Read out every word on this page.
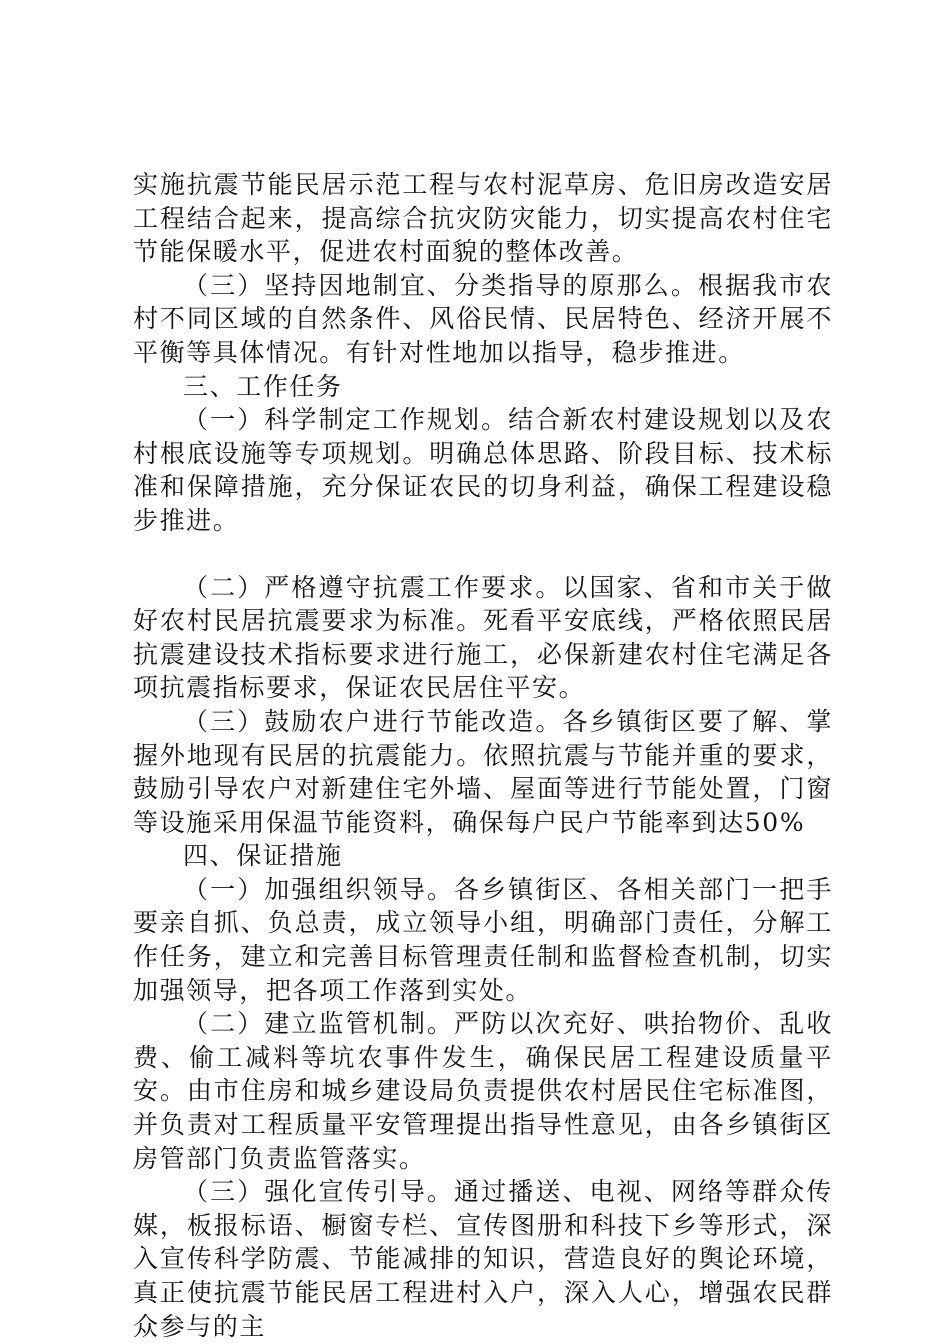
实施抗震节能民居示范工程与农村泥草房、危旧房改造安居工程结合起来，提高综合抗灾防灾能力，切实提高农村住宅节能保暖水平，促进农村面貌的整体改善。

（三）坚持因地制宜、分类指导的原那么。根据我市农村不同区域的自然条件、风俗民情、民居特色、经济开展不平衡等具体情况。有针对性地加以指导，稳步推进。

三、工作任务

（一）科学制定工作规划。结合新农村建设规划以及农村根底设施等专项规划。明确总体思路、阶段目标、技术标准和保障措施，充分保证农民的切身利益，确保工程建设稳步推进。

（二）严格遵守抗震工作要求。以国家、省和市关于做好农村民居抗震要求为标准。死看平安底线，严格依照民居抗震建设技术指标要求进行施工，必保新建农村住宅满足各项抗震指标要求，保证农民居住平安。

（三）鼓励农户进行节能改造。各乡镇街区要了解、掌握外地现有民居的抗震能力。依照抗震与节能并重的要求，鼓励引导农户对新建住宅外墙、屋面等进行节能处置，门窗等设施采用保温节能资料，确保每户民户节能率到达50%

四、保证措施

（一）加强组织领导。各乡镇街区、各相关部门一把手要亲自抓、负总责，成立领导小组，明确部门责任，分解工作任务，建立和完善目标管理责任制和监督检查机制，切实加强领导，把各项工作落到实处。

（二）建立监管机制。严防以次充好、哄抬物价、乱收费、偷工减料等坑农事件发生，确保民居工程建设质量平安。由市住房和城乡建设局负责提供农村居民住宅标准图，并负责对工程质量平安管理提出指导性意见，由各乡镇街区房管部门负责监管落实。

（三）强化宣传引导。通过播送、电视、网络等群众传媒，板报标语、橱窗专栏、宣传图册和科技下乡等形式，深入宣传科学防震、节能减排的知识，营造良好的舆论环境，真正使抗震节能民居工程进村入户，深入人心，增强农民群众参与的主
